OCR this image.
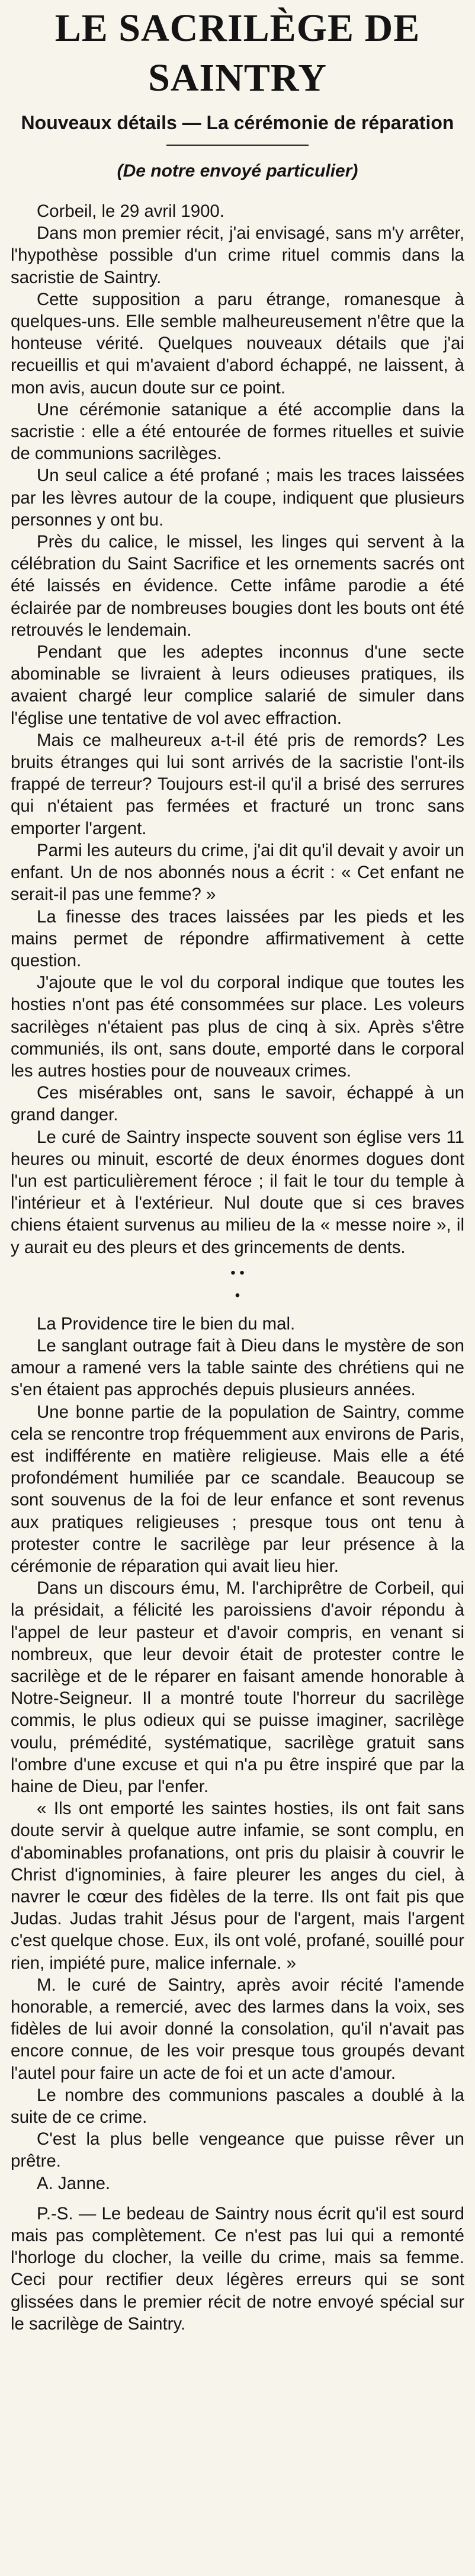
LE SACRILÈGE DE SAINTRY
Nouveaux détails — La cérémonie de réparation
(De notre envoyé particulier)

Corbeil, le 29 avril 1900.

Dans mon premier récit, j'ai envisagé, sans m'y arrêter, l'hypothèse possible d'un crime rituel commis dans la sacristie de Saintry.

Cette supposition a paru étrange, romanesque à quelques-uns. Elle semble malheureusement n'être que la honteuse vérité. Quelques nouveaux détails que j'ai recueillis et qui m'avaient d'abord échappé, ne laissent, à mon avis, aucun doute sur ce point.

Une cérémonie satanique a été accomplie dans la sacristie : elle a été entourée de formes rituelles et suivie de communions sacrilèges.

Un seul calice a été profané ; mais les traces laissées par les lèvres autour de la coupe, indiquent que plusieurs personnes y ont bu.

Près du calice, le missel, les linges qui servent à la célébration du Saint Sacrifice et les ornements sacrés ont été laissés en évidence. Cette infâme parodie a été éclairée par de nombreuses bougies dont les bouts ont été retrouvés le lendemain.

Pendant que les adeptes inconnus d'une secte abominable se livraient à leurs odieuses pratiques, ils avaient chargé leur complice salarié de simuler dans l'église une tentative de vol avec effraction.

Mais ce malheureux a-t-il été pris de remords? Les bruits étranges qui lui sont arrivés de la sacristie l'ont-ils frappé de terreur? Toujours est-il qu'il a brisé des serrures qui n'étaient pas fermées et fracturé un tronc sans emporter l'argent.

Parmi les auteurs du crime, j'ai dit qu'il devait y avoir un enfant. Un de nos abonnés nous a écrit : « Cet enfant ne serait-il pas une femme? »

La finesse des traces laissées par les pieds et les mains permet de répondre affirmativement à cette question.

J'ajoute que le vol du corporal indique que toutes les hosties n'ont pas été consommées sur place. Les voleurs sacrilèges n'étaient pas plus de cinq à six. Après s'être communiés, ils ont, sans doute, emporté dans le corporal les autres hosties pour de nouveaux crimes.

Ces misérables ont, sans le savoir, échappé à un grand danger.

Le curé de Saintry inspecte souvent son église vers 11 heures ou minuit, escorté de deux énormes dogues dont l'un est particulièrement féroce ; il fait le tour du temple à l'intérieur et à l'extérieur. Nul doute que si ces braves chiens étaient survenus au milieu de la « messe noire », il y aurait eu des pleurs et des grincements de dents.

• •
•

La Providence tire le bien du mal.

Le sanglant outrage fait à Dieu dans le mystère de son amour a ramené vers la table sainte des chrétiens qui ne s'en étaient pas approchés depuis plusieurs années.

Une bonne partie de la population de Saintry, comme cela se rencontre trop fréquemment aux environs de Paris, est indifférente en matière religieuse. Mais elle a été profondément humiliée par ce scandale. Beaucoup se sont souvenus de la foi de leur enfance et sont revenus aux pratiques religieuses ; presque tous ont tenu à protester contre le sacrilège par leur présence à la cérémonie de réparation qui avait lieu hier.

Dans un discours ému, M. l'archiprêtre de Corbeil, qui la présidait, a félicité les paroissiens d'avoir répondu à l'appel de leur pasteur et d'avoir compris, en venant si nombreux, que leur devoir était de protester contre le sacrilège et de le réparer en faisant amende honorable à Notre-Seigneur. Il a montré toute l'horreur du sacrilège commis, le plus odieux qui se puisse imaginer, sacrilège voulu, prémédité, systématique, sacrilège gratuit sans l'ombre d'une excuse et qui n'a pu être inspiré que par la haine de Dieu, par l'enfer.

« Ils ont emporté les saintes hosties, ils ont fait sans doute servir à quelque autre infamie, se sont complu, en d'abominables profanations, ont pris du plaisir à couvrir le Christ d'ignominies, à faire pleurer les anges du ciel, à navrer le cœur des fidèles de la terre. Ils ont fait pis que Judas. Judas trahit Jésus pour de l'argent, mais l'argent c'est quelque chose. Eux, ils ont volé, profané, souillé pour rien, impiété pure, malice infernale. »

M. le curé de Saintry, après avoir récité l'amende honorable, a remercié, avec des larmes dans la voix, ses fidèles de lui avoir donné la consolation, qu'il n'avait pas encore connue, de les voir presque tous groupés devant l'autel pour faire un acte de foi et un acte d'amour.

Le nombre des communions pascales a doublé à la suite de ce crime.

C'est la plus belle vengeance que puisse rêver un prêtre.

A. Janne.

P.-S. — Le bedeau de Saintry nous écrit qu'il est sourd mais pas complètement. Ce n'est pas lui qui a remonté l'horloge du clocher, la veille du crime, mais sa femme. Ceci pour rectifier deux légères erreurs qui se sont glissées dans le premier récit de notre envoyé spécial sur le sacrilège de Saintry.
